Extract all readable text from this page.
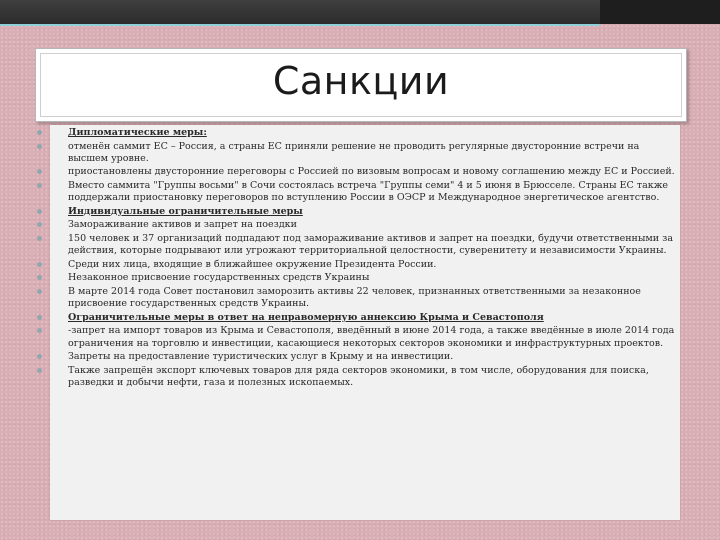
Санкции
Дипломатические меры:
отменён саммит ЕС – Россия, а страны ЕС приняли решение не проводить регулярные двусторонние встречи на высшем уровне.
приостановлены двусторонние переговоры с Россией по визовым вопросам и новому соглашению между ЕС и Россией.
Вместо саммита "Группы восьми" в Сочи состоялась встреча "Группы семи" 4 и 5 июня в Брюсселе. Страны ЕС также поддержали приостановку переговоров по вступлению России в ОЭСР и Международное энергетическое агентство.
Индивидуальные ограничительные меры
Замораживание активов и запрет на поездки
150 человек и 37 организаций подпадают под замораживание активов и запрет на поездки, будучи ответственными за действия, которые подрывают или угрожают территориальной целостности, суверенитету и независимости Украины.
Среди них лица, входящие в ближайшее окружение Президента России.
Незаконное присвоение государственных средств Украины
В марте 2014 года Совет постановил заморозить активы 22 человек, признанных ответственными за незаконное присвоение государственных средств Украины.
Ограничительные меры в ответ на неправомерную аннексию Крыма и Севастополя
-запрет на импорт товаров из Крыма и Севастополя, введённый в июне 2014 года, а также введённые в июле 2014 года ограничения на торговлю и инвестиции, касающиеся некоторых секторов экономики и инфраструктурных проектов.
Запреты на предоставление туристических услуг в Крыму и на инвестиции.
Также запрещён экспорт ключевых товаров для ряда секторов экономики, в том числе, оборудования для поиска, разведки и добычи нефти, газа и полезных ископаемых.
